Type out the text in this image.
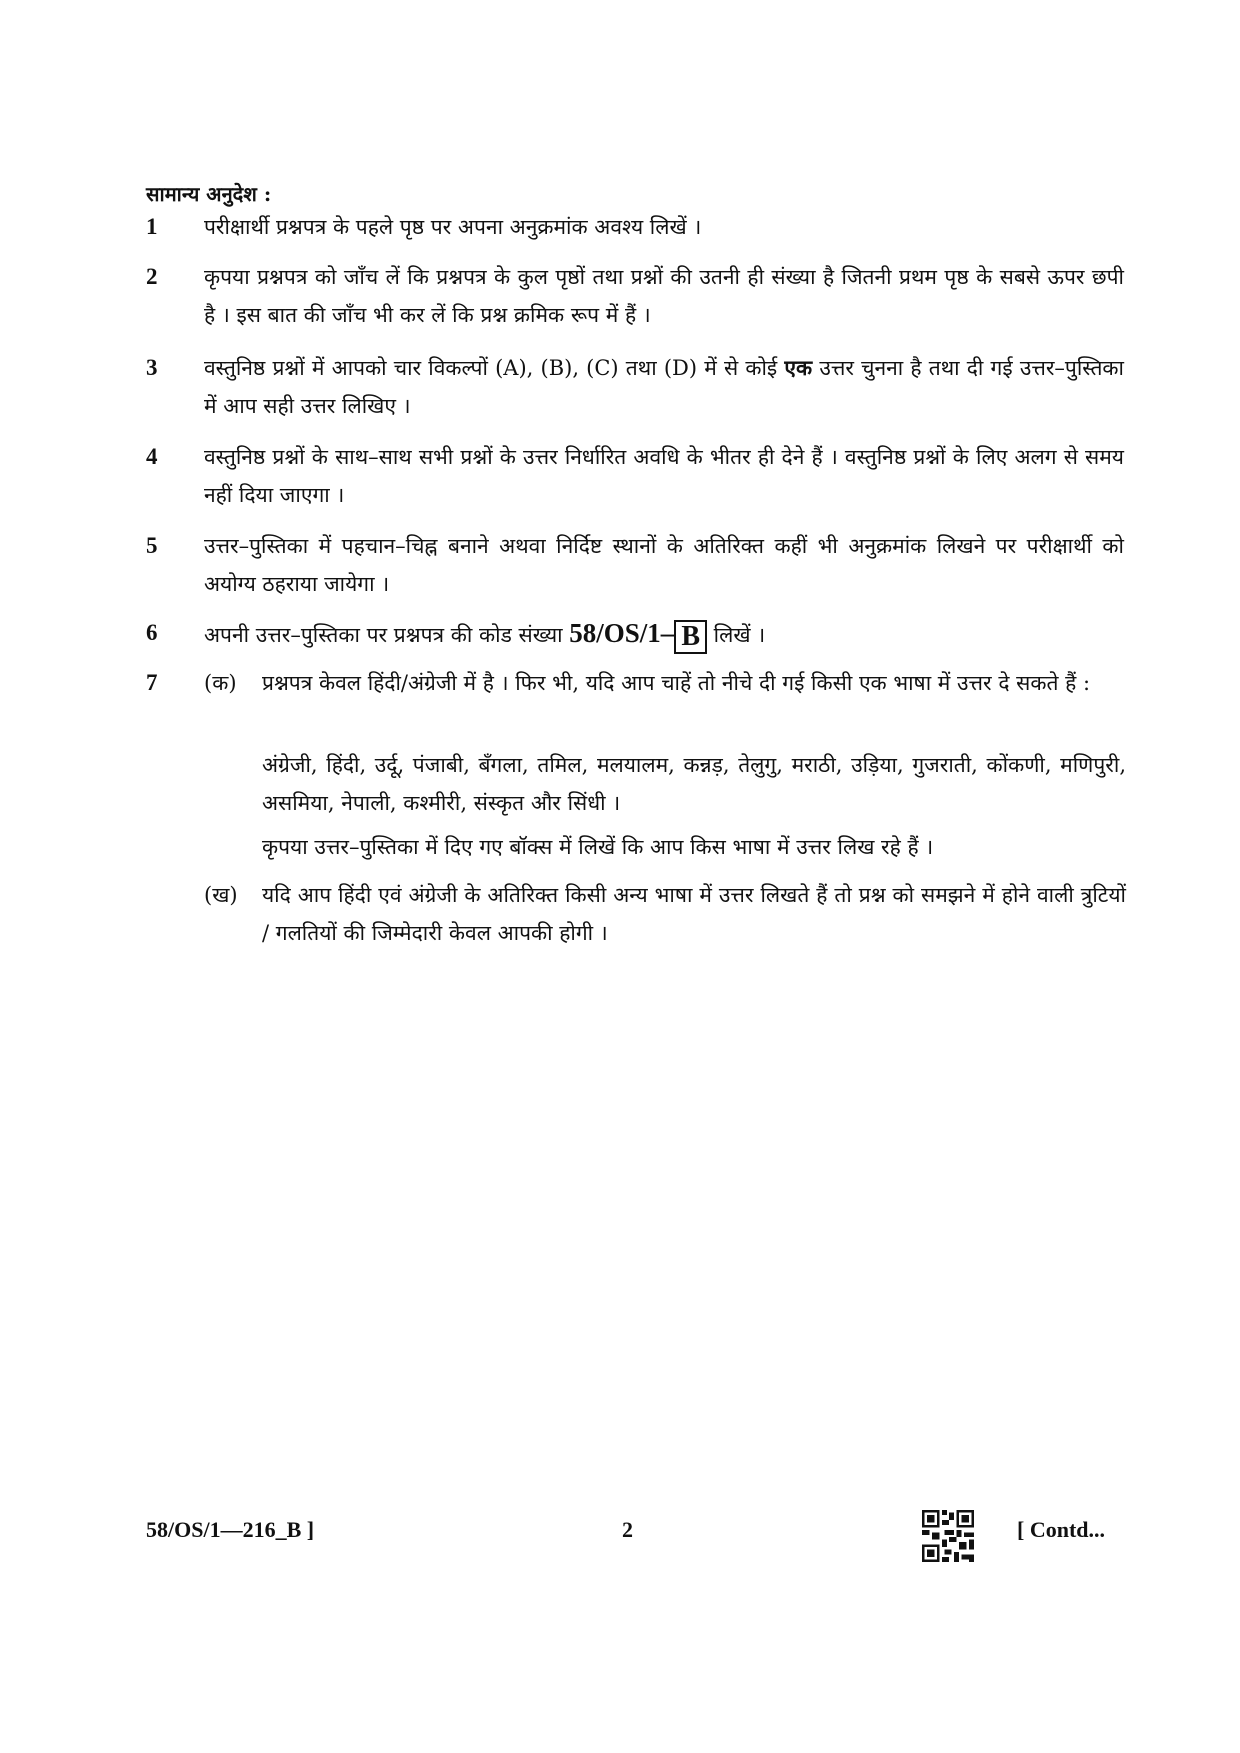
सामान्य अनुदेश :
1	परीक्षार्थी प्रश्नपत्र के पहले पृष्ठ पर अपना अनुक्रमांक अवश्य लिखें ।
2	कृपया प्रश्नपत्र को जाँच लें कि प्रश्नपत्र के कुल पृष्ठों तथा प्रश्नों की उतनी ही संख्या है जितनी प्रथम पृष्ठ के सबसे ऊपर छपी है । इस बात की जाँच भी कर लें कि प्रश्न क्रमिक रूप में हैं ।
3	वस्तुनिष्ठ प्रश्नों में आपको चार विकल्पों (A), (B), (C) तथा (D) में से कोई एक उत्तर चुनना है तथा दी गई उत्तर–पुस्तिका में आप सही उत्तर लिखिए ।
4	वस्तुनिष्ठ प्रश्नों के साथ–साथ सभी प्रश्नों के उत्तर निर्धारित अवधि के भीतर ही देने हैं । वस्तुनिष्ठ प्रश्नों के लिए अलग से समय नहीं दिया जाएगा ।
5	उत्तर–पुस्तिका में पहचान–चिह्न बनाने अथवा निर्दिष्ट स्थानों के अतिरिक्त कहीं भी अनुक्रमांक लिखने पर परीक्षार्थी को अयोग्य ठहराया जायेगा ।
6	अपनी उत्तर–पुस्तिका पर प्रश्नपत्र की कोड संख्या 58/OS/1– B लिखें ।
7	(क)	प्रश्नपत्र केवल हिंदी/अंग्रेजी में है । फिर भी, यदि आप चाहें तो नीचे दी गई किसी एक भाषा में उत्तर दे सकते हैं :
अंग्रेजी, हिंदी, उर्दू, पंजाबी, बँगला, तमिल, मलयालम, कन्नड़, तेलुगु, मराठी, उड़िया, गुजराती, कोंकणी, मणिपुरी, असमिया, नेपाली, कश्मीरी, संस्कृत और सिंधी ।
कृपया उत्तर–पुस्तिका में दिए गए बॉक्स में लिखें कि आप किस भाषा में उत्तर लिख रहे हैं ।
(ख)	यदि आप हिंदी एवं अंग्रेजी के अतिरिक्त किसी अन्य भाषा में उत्तर लिखते हैं तो प्रश्न को समझने में होने वाली त्रुटियों / गलतियों की जिम्मेदारी केवल आपकी होगी ।
58/OS/1—216_B ]	2	[ Contd...
